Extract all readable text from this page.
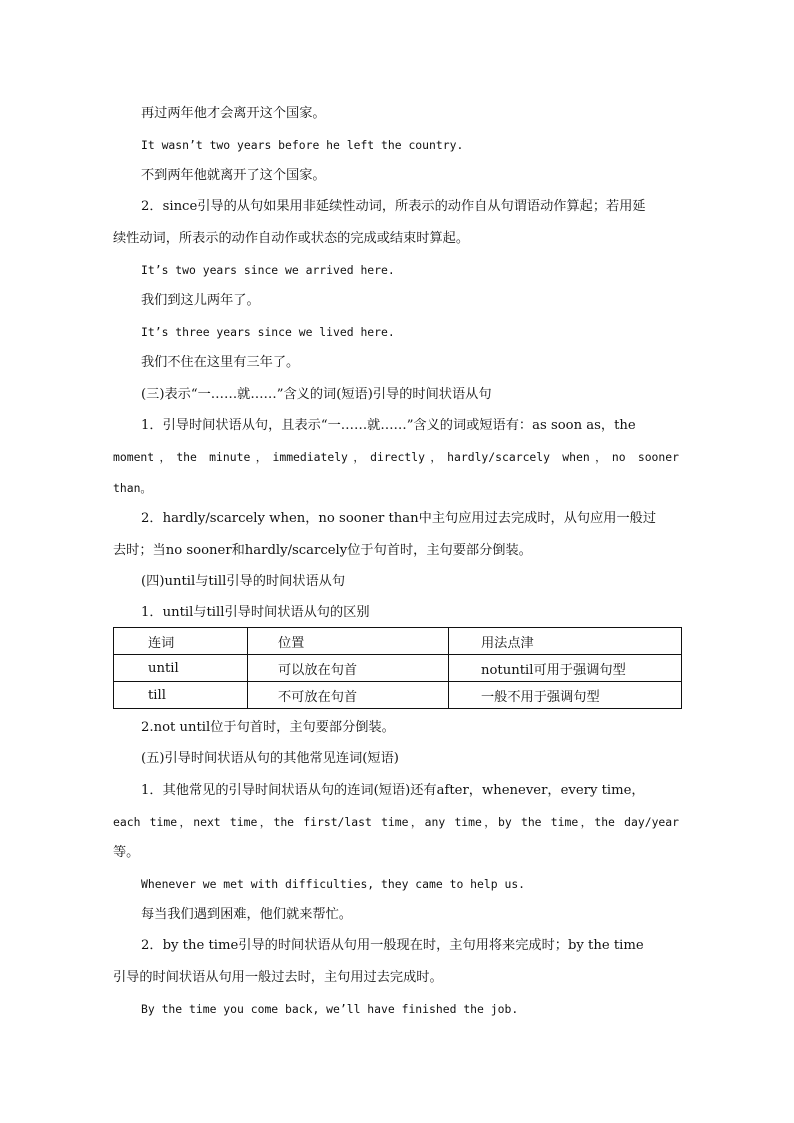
再过两年他才会离开这个国家。
It wasn’t two years before he left the country.
不到两年他就离开了这个国家。
2．since引导的从句如果用非延续性动词，所表示的动作自从句谓语动作算起；若用延
续性动词，所表示的动作自动作或状态的完成或结束时算起。
It’s two years since we arrived here.
我们到这儿两年了。
It’s three years since we lived here.
我们不住在这里有三年了。
(三)表示“一……就……”含义的词(短语)引导的时间状语从句
1．引导时间状语从句，且表示“一……就……”含义的词或短语有：as soon as，the
moment，the minute，immediately，directly，hardly/scarcely when，no sooner
than。
2．hardly/scarcely when，no sooner than中主句应用过去完成时，从句应用一般过
去时；当no sooner和hardly/scarcely位于句首时，主句要部分倒装。
(四)until与till引导的时间状语从句
1．until与till引导时间状语从句的区别
连词	位置	用法点津
until	可以放在句首	notuntil可用于强调句型
till	不可放在句首	一般不用于强调句型
2.not until位于句首时，主句要部分倒装。
(五)引导时间状语从句的其他常见连词(短语)
1．其他常见的引导时间状语从句的连词(短语)还有after，whenever，every time，
each time，next time，the first/last time，any time，by the time，the day/year
等。
Whenever we met with difficulties, they came to help us.
每当我们遇到困难，他们就来帮忙。
2．by the time引导的时间状语从句用一般现在时，主句用将来完成时；by the time
引导的时间状语从句用一般过去时，主句用过去完成时。
By the time you come back, we’ll have finished the job.
